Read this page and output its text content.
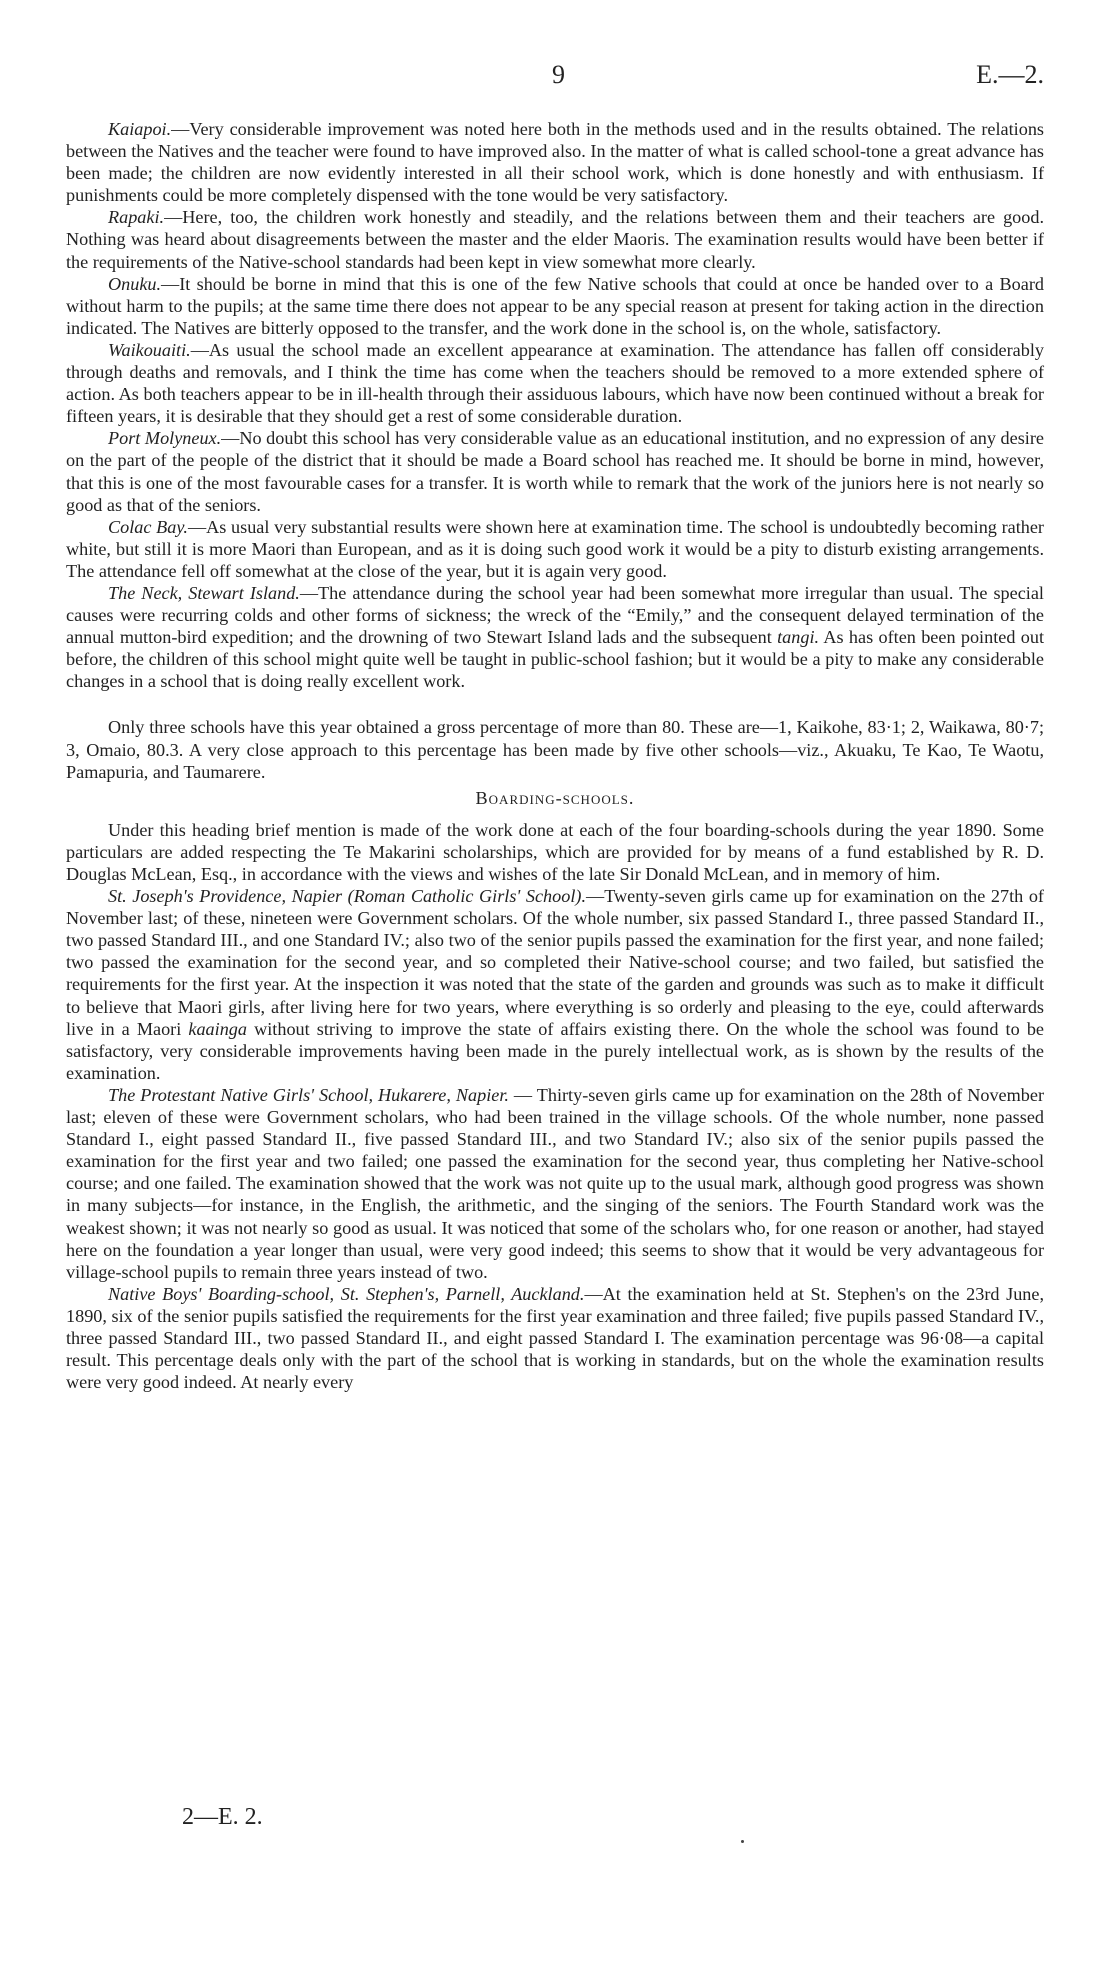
9	E.—2.

Kaiapoi.—Very considerable improvement was noted here both in the methods used and in the results obtained. The relations between the Natives and the teacher were found to have improved also. In the matter of what is called school-tone a great advance has been made; the children are now evidently interested in all their school work, which is done honestly and with enthusiasm. If punishments could be more completely dispensed with the tone would be very satisfactory.

Rapaki.—Here, too, the children work honestly and steadily, and the relations between them and their teachers are good. Nothing was heard about disagreements between the master and the elder Maoris. The examination results would have been better if the requirements of the Native-school standards had been kept in view somewhat more clearly.

Onuku.—It should be borne in mind that this is one of the few Native schools that could at once be handed over to a Board without harm to the pupils; at the same time there does not appear to be any special reason at present for taking action in the direction indicated. The Natives are bitterly opposed to the transfer, and the work done in the school is, on the whole, satisfactory.

Waikouaiti.—As usual the school made an excellent appearance at examination. The attendance has fallen off considerably through deaths and removals, and I think the time has come when the teachers should be removed to a more extended sphere of action. As both teachers appear to be in ill-health through their assiduous labours, which have now been continued without a break for fifteen years, it is desirable that they should get a rest of some considerable duration.

Port Molyneux.—No doubt this school has very considerable value as an educational institution, and no expression of any desire on the part of the people of the district that it should be made a Board school has reached me. It should be borne in mind, however, that this is one of the most favourable cases for a transfer. It is worth while to remark that the work of the juniors here is not nearly so good as that of the seniors.

Colac Bay.—As usual very substantial results were shown here at examination time. The school is undoubtedly becoming rather white, but still it is more Maori than European, and as it is doing such good work it would be a pity to disturb existing arrangements. The attendance fell off somewhat at the close of the year, but it is again very good.

The Neck, Stewart Island.—The attendance during the school year had been somewhat more irregular than usual. The special causes were recurring colds and other forms of sickness; the wreck of the “Emily,” and the consequent delayed termination of the annual mutton-bird expedition; and the drowning of two Stewart Island lads and the subsequent tangi. As has often been pointed out before, the children of this school might quite well be taught in public-school fashion; but it would be a pity to make any considerable changes in a school that is doing really excellent work.

Only three schools have this year obtained a gross percentage of more than 80. These are—1, Kaikohe, 83·1; 2, Waikawa, 80·7; 3, Omaio, 80.3. A very close approach to this percentage has been made by five other schools—viz., Akuaku, Te Kao, Te Waotu, Pamapuria, and Taumarere.

Boarding-schools.

Under this heading brief mention is made of the work done at each of the four boarding-schools during the year 1890. Some particulars are added respecting the Te Makarini scholarships, which are provided for by means of a fund established by R. D. Douglas McLean, Esq., in accordance with the views and wishes of the late Sir Donald McLean, and in memory of him.

St. Joseph's Providence, Napier (Roman Catholic Girls' School).—Twenty-seven girls came up for examination on the 27th of November last; of these, nineteen were Government scholars. Of the whole number, six passed Standard I., three passed Standard II., two passed Standard III., and one Standard IV.; also two of the senior pupils passed the examination for the first year, and none failed; two passed the examination for the second year, and so completed their Native-school course; and two failed, but satisfied the requirements for the first year. At the inspection it was noted that the state of the garden and grounds was such as to make it difficult to believe that Maori girls, after living here for two years, where everything is so orderly and pleasing to the eye, could afterwards live in a Maori kaainga without striving to improve the state of affairs existing there. On the whole the school was found to be satisfactory, very considerable improvements having been made in the purely intellectual work, as is shown by the results of the examination.

The Protestant Native Girls' School, Hukarere, Napier. — Thirty-seven girls came up for examination on the 28th of November last; eleven of these were Government scholars, who had been trained in the village schools. Of the whole number, none passed Standard I., eight passed Standard II., five passed Standard III., and two Standard IV.; also six of the senior pupils passed the examination for the first year and two failed; one passed the examination for the second year, thus completing her Native-school course; and one failed. The examination showed that the work was not quite up to the usual mark, although good progress was shown in many subjects—for instance, in the English, the arithmetic, and the singing of the seniors. The Fourth Standard work was the weakest shown; it was not nearly so good as usual. It was noticed that some of the scholars who, for one reason or another, had stayed here on the foundation a year longer than usual, were very good indeed; this seems to show that it would be very advantageous for village-school pupils to remain three years instead of two.

Native Boys' Boarding-school, St. Stephen's, Parnell, Auckland.—At the examination held at St. Stephen's on the 23rd June, 1890, six of the senior pupils satisfied the requirements for the first year examination and three failed; five pupils passed Standard IV., three passed Standard III., two passed Standard II., and eight passed Standard I. The examination percentage was 96·08—a capital result. This percentage deals only with the part of the school that is working in standards, but on the whole the examination results were very good indeed. At nearly every

2—E. 2.
